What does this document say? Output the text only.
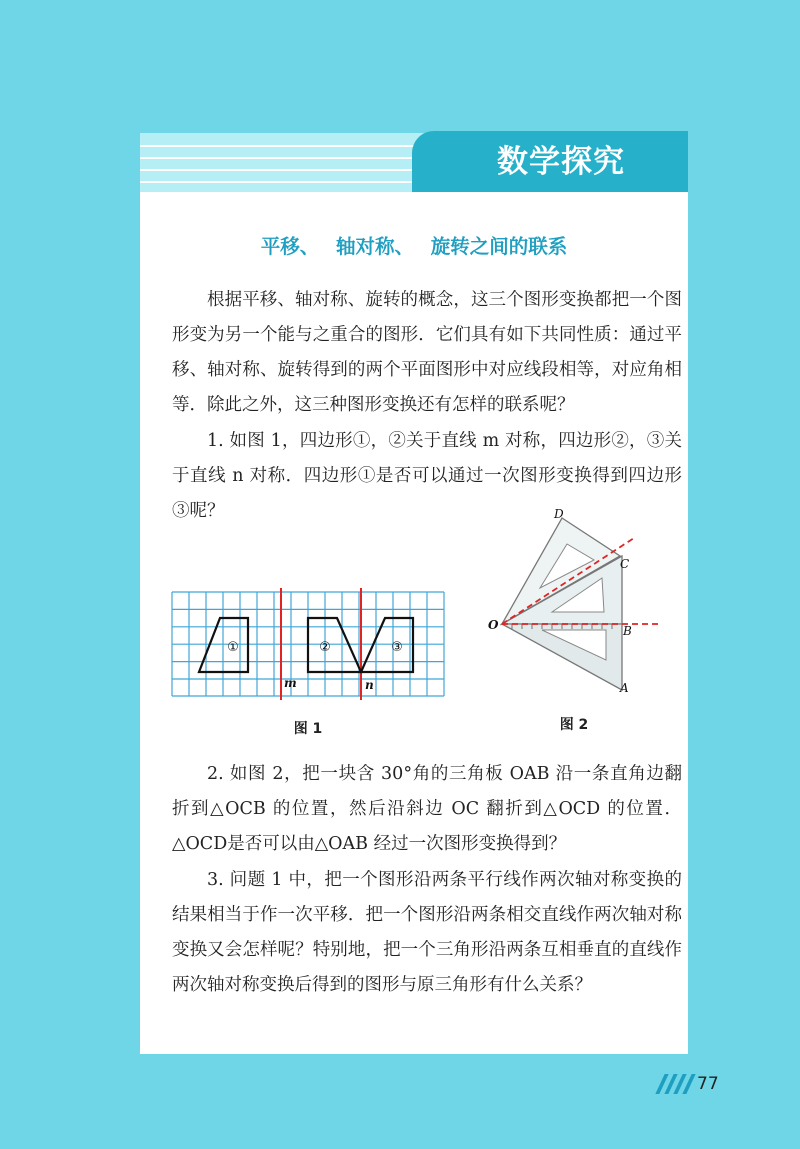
数学探究
平移、 轴对称、 旋转之间的联系

根据平移、轴对称、旋转的概念，这三个图形变换都把一个图形变为另一个能与之重合的图形．它们具有如下共同性质：通过平移、轴对称、旋转得到的两个平面图形中对应线段相等，对应角相等．除此之外，这三种图形变换还有怎样的联系呢？

1. 如图 1，四边形①，②关于直线 m 对称，四边形②，③关于直线 n 对称．四边形①是否可以通过一次图形变换得到四边形③呢？

①	②	③
m	n
图 1
D
C
O	B
A
图 2

2. 如图 2，把一块含 30°角的三角板 OAB 沿一条直角边翻折到△OCB 的位置，然后沿斜边 OC 翻折到△OCD 的位置．△OCD是否可以由△OAB 经过一次图形变换得到？

3. 问题 1 中，把一个图形沿两条平行线作两次轴对称变换的结果相当于作一次平移．把一个图形沿两条相交直线作两次轴对称变换又会怎样呢？特别地，把一个三角形沿两条互相垂直的直线作两次轴对称变换后得到的图形与原三角形有什么关系？

77
